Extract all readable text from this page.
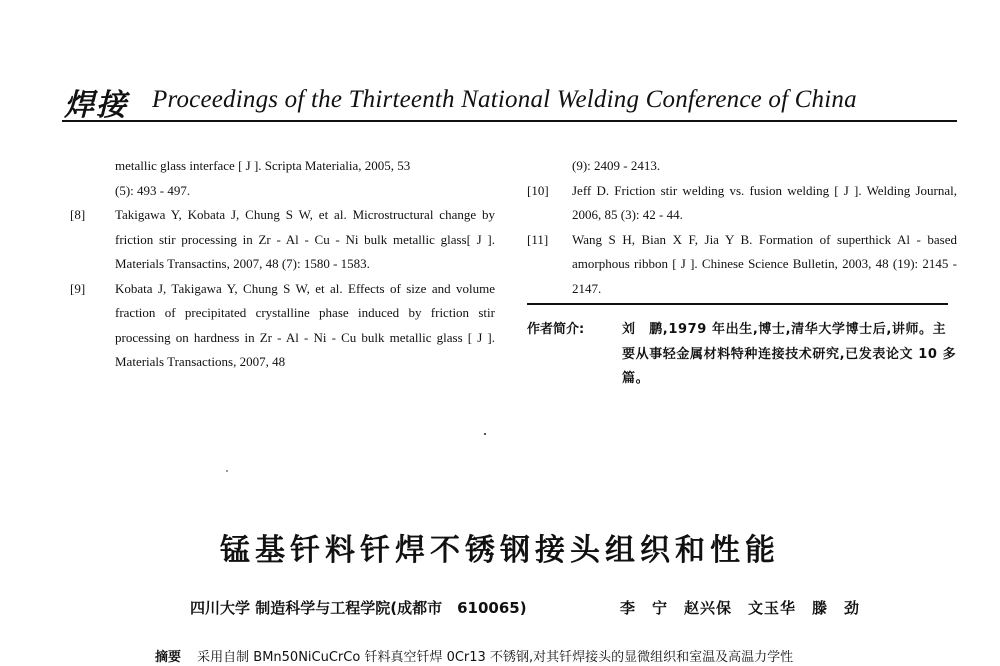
焊接 Proceedings of the Thirteenth National Welding Conference of China
metallic glass interface [ J ]. Scripta Materialia, 2005, 53
(5): 493 - 497.
[8] Takigawa Y, Kobata J, Chung S W, et al. Microstructural change by friction stir processing in Zr - Al - Cu - Ni bulk metallic glass[ J ]. Materials Transactins, 2007, 48 (7): 1580 - 1583.
[9] Kobata J, Takigawa Y, Chung S W, et al. Effects of size and volume fraction of precipitated crystalline phase induced by friction stir processing on hardness in Zr - Al - Ni - Cu bulk metallic glass [ J ]. Materials Transactions, 2007, 48
(9): 2409 - 2413.
[10] Jeff D. Friction stir welding vs. fusion welding [ J ]. Welding Journal, 2006, 85 (3): 42 - 44.
[11] Wang S H, Bian X F, Jia Y B. Formation of superthick Al - based amorphous ribbon [ J ]. Chinese Science Bulletin, 2003, 48 (19): 2145 - 2147.
作者简介:	刘　鹏,1979 年出生,博士,清华大学博士后,讲师。主要从事轻金属材料特种连接技术研究,已发表论文 10 多篇。
锰基钎料钎焊不锈钢接头组织和性能
四川大学 制造科学与工程学院(成都市　610065)	李　宁　赵兴保　文玉华　滕　劲
摘要 采用自制 BMn50NiCuCrCo 钎料真空钎焊 0Cr13 不锈钢,对其钎焊接头的显微组织和室温及高温力学性
